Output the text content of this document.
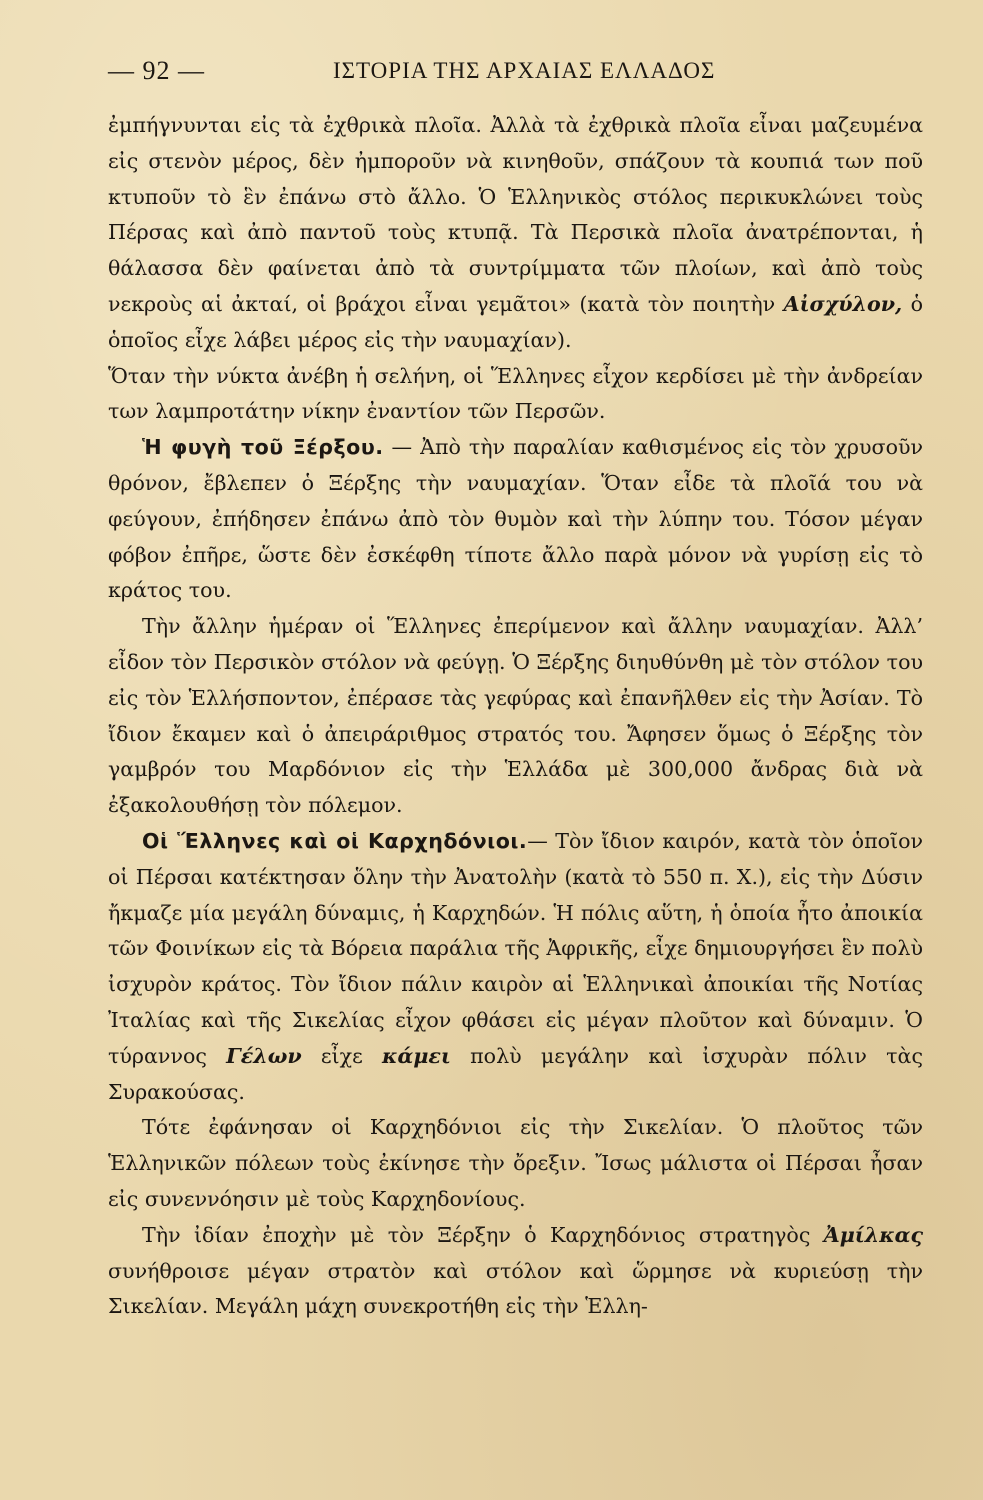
— 92 —	ΙΣΤΟΡΙΑ ΤΗΣ ΑΡΧΑΙΑΣ ΕΛΛΑΔΟΣ

ἐμπήγνυνται εἰς τὰ ἐχθρικὰ πλοῖα. Ἀλλὰ τὰ ἐχθρικὰ πλοῖα εἶναι μαζευμένα εἰς στενὸν μέρος, δὲν ἠμποροῦν νὰ κινηθοῦν, σπάζουν τὰ κουπιά των ποῦ κτυποῦν τὸ ἓν ἐπάνω στὸ ἄλλο. Ὁ Ἑλληνικὸς στόλος περικυκλώνει τοὺς Πέρσας καὶ ἀπὸ παντοῦ τοὺς κτυπᾷ. Τὰ Περσικὰ πλοῖα ἀνατρέπονται, ἡ θάλασσα δὲν φαίνεται ἀπὸ τὰ συντρίμματα τῶν πλοίων, καὶ ἀπὸ τοὺς νεκροὺς αἱ ἀκταί, οἱ βράχοι εἶναι γεμᾶτοι» (κατὰ τὸν ποιητὴν Αἰσχύλον, ὁ ὁποῖος εἶχε λάβει μέρος εἰς τὴν ναυμαχίαν).

Ὅταν τὴν νύκτα ἀνέβη ἡ σελήνη, οἱ Ἕλληνες εἶχον κερδίσει μὲ τὴν ἀνδρείαν των λαμπροτάτην νίκην ἐναντίον τῶν Περσῶν.

Ἡ φυγὴ τοῦ Ξέρξου. — Ἀπὸ τὴν παραλίαν καθισμένος εἰς τὸν χρυσοῦν θρόνον, ἔβλεπεν ὁ Ξέρξης τὴν ναυμαχίαν. Ὅταν εἶδε τὰ πλοῖά του νὰ φεύγουν, ἐπήδησεν ἐπάνω ἀπὸ τὸν θυμὸν καὶ τὴν λύπην του. Τόσον μέγαν φόβον ἐπῆρε, ὥστε δὲν ἐσκέφθη τίποτε ἄλλο παρὰ μόνον νὰ γυρίσῃ εἰς τὸ κράτος του.

Τὴν ἄλλην ἡμέραν οἱ Ἕλληνες ἐπερίμενον καὶ ἄλλην ναυμαχίαν. Ἀλλ’ εἶδον τὸν Περσικὸν στόλον νὰ φεύγῃ. Ὁ Ξέρξης διηυθύνθη μὲ τὸν στόλον του εἰς τὸν Ἑλλήσποντον, ἐπέρασε τὰς γεφύρας καὶ ἐπανῆλθεν εἰς τὴν Ἀσίαν. Τὸ ἴδιον ἔκαμεν καὶ ὁ ἀπειράριθμος στρατός του. Ἄφησεν ὅμως ὁ Ξέρξης τὸν γαμβρόν του Μαρδόνιον εἰς τὴν Ἑλλάδα μὲ 300,000 ἄνδρας διὰ νὰ ἐξακολουθήσῃ τὸν πόλεμον.

Οἱ Ἕλληνες καὶ οἱ Καρχηδόνιοι.— Τὸν ἴδιον καιρόν, κατὰ τὸν ὁποῖον οἱ Πέρσαι κατέκτησαν ὅλην τὴν Ἀνατολὴν (κατὰ τὸ 550 π. Χ.), εἰς τὴν Δύσιν ἤκμαζε μία μεγάλη δύναμις, ἡ Καρχηδών. Ἡ πόλις αὕτη, ἡ ὁποία ἦτο ἀποικία τῶν Φοινίκων εἰς τὰ Βόρεια παράλια τῆς Ἀφρικῆς, εἶχε δημιουργήσει ἓν πολὺ ἰσχυρὸν κράτος. Τὸν ἴδιον πάλιν καιρὸν αἱ Ἑλληνικαὶ ἀποικίαι τῆς Νοτίας Ἰταλίας καὶ τῆς Σικελίας εἶχον φθάσει εἰς μέγαν πλοῦτον καὶ δύναμιν. Ὁ τύραννος Γέλων εἶχε κάμει πολὺ μεγάλην καὶ ἰσχυρὰν πόλιν τὰς Συρακούσας.

Τότε ἐφάνησαν οἱ Καρχηδόνιοι εἰς τὴν Σικελίαν. Ὁ πλοῦτος τῶν Ἑλληνικῶν πόλεων τοὺς ἐκίνησε τὴν ὄρεξιν. Ἴσως μάλιστα οἱ Πέρσαι ἦσαν εἰς συνεννόησιν μὲ τοὺς Καρχηδονίους.

Τὴν ἰδίαν ἐποχὴν μὲ τὸν Ξέρξην ὁ Καρχηδόνιος στρατηγὸς Ἀμίλκας συνήθροισε μέγαν στρατὸν καὶ στόλον καὶ ὥρμησε νὰ κυριεύσῃ τὴν Σικελίαν. Μεγάλη μάχη συνεκροτήθη εἰς τὴν Ἑλλη-
